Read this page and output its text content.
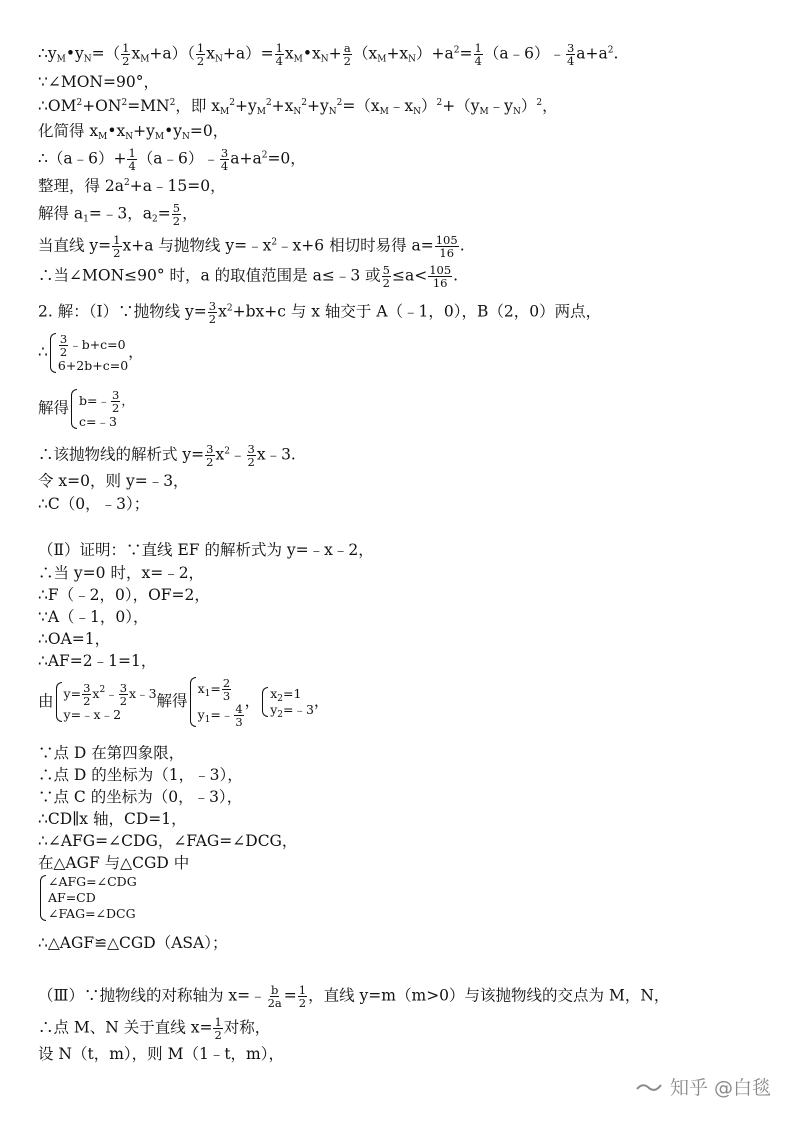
$\therefore y_M•y_N=( \frac{1}{2} x_M+a)( \frac{1}{2} x_N+a)= \frac{1}{4}$ $x_M•x_N+ \frac{a}{2} (x_M+x_N)+a^2= \frac{1}{4}$ （a﹣6）﹣ $\frac{3}{4} a+a^2$.
∵∠MON=90°，
$\therefore OM^2+ON^2=MN^2$，即 $x_M^2+y_M^2+x_N^2+y_N^2=(x_M﹣x_N)^2+(y_M﹣y_N)^2$，
化简得 $x_M•x_N+y_M•y_N=0$，
∴（a﹣6）+ $\frac{1}{4}$ （a﹣6）﹣ $\frac{3}{4} a+a^2=0$，
整理，得 $2a^2+a﹣15=0$，
解得 $a_1=﹣3$，$a_2= \frac{5}{2}$ ，
当直线 $y= \frac{1}{2} x+a$ 与抛物线 $y=﹣x^2﹣x+6$ 相切时易得 $a= \frac{105}{16}$ .
∴当∠MON≤90° 时，a 的取值范围是 a≤﹣3 或 $\frac{5}{2} \le a< \frac{105}{16}$ .
2. 解：（Ⅰ）∵抛物线 $y= \frac{3}{2} x^2+bx+c$ 与 x 轴交于 A（﹣1，0），B（2，0）两点，
∴ $\frac{3}{2}$ ﹣b+c=0
6+2b+c=0
，
解得 b=﹣ $\frac{3}{2}$ ，
c=﹣3
∴该抛物线的解析式 $y= \frac{3}{2}$ $x^2﹣ \frac{3}{2}$ x﹣3.
令 x=0，则 y=﹣3，
∴C（0，﹣3）；
（Ⅱ）证明：∵直线 EF 的解析式为 y=﹣x﹣2，
∴当 y=0 时，x=﹣2，
∴F（﹣2，0），OF=2，
∵A（﹣1，0），
∴OA=1，
∴AF=2﹣1=1，
由 $y= \frac{3}{2}$ $x^2﹣ \frac{3}{2}$ x﹣3
y=﹣x﹣2
解得
$x_1= \frac{2}{3}$
$y_1=﹣ \frac{4}{3}$
， $x_2=1$
$y_2=﹣3$ ，
∵点 D 在第四象限，
∴点 D 的坐标为（1，﹣3），
∵点 C 的坐标为（0，﹣3），
∴CD∥x 轴，CD=1，
∴∠AFG=∠CDG，∠FAG=∠DCG，
在△AGF 与△CGD 中
∠AFG=∠CDG
AF=CD
∠FAG=∠DCG
∴△AGF≌△CGD（ASA）；
（Ⅲ）∵抛物线的对称轴为 x=﹣ $\frac{b}{2a} = \frac{1}{2}$ ，直线 y=m（m>0）与该抛物线的交点为 M，N，
∴点 M、N 关于直线 $x= \frac{1}{2}$ 对称，
设 N（t，m），则 M（1﹣t，m），
知乎 @白毯
